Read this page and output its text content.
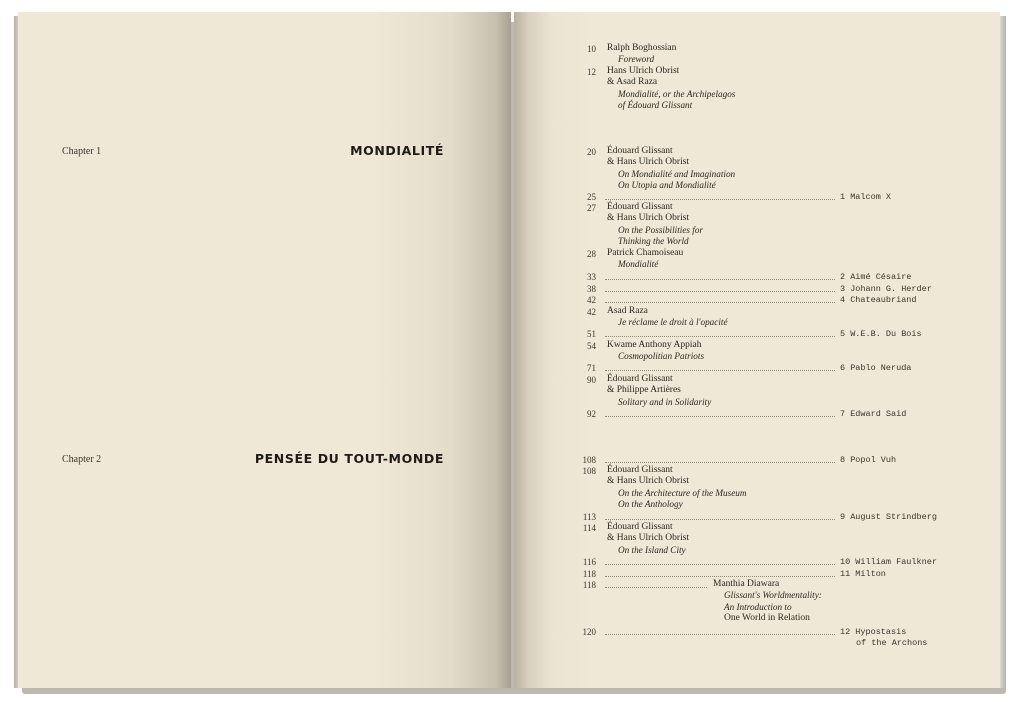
Chapter 1	MONDIALITÉ
Chapter 2	PENSÉE DU TOUT-MONDE
10 Ralph Boghossian
Foreword
12 Hans Ulrich Obrist
& Asad Raza
Mondialité, or the Archipelagos
of Édouard Glissant
20 Édouard Glissant
& Hans Ulrich Obrist
On Mondialité and Imagination
On Utopia and Mondialité
25	1 Malcom X
27 Édouard Glissant
& Hans Ulrich Obrist
On the Possibilities for
Thinking the World
28 Patrick Chamoiseau
Mondialité
33	2 Aimé Césaire
38	3 Johann G. Herder
42	4 Chateaubriand
42 Asad Raza
Je réclame le droit à l'opacité
51	5 W.E.B. Du Bois
54 Kwame Anthony Appiah
Cosmopolitian Patriots
71	6 Pablo Neruda
90 Édouard Glissant
& Philippe Artières
Solitary and in Solidarity
92	7 Edward Said
108	8 Popol Vuh
108 Édouard Glissant
& Hans Ulrich Obrist
On the Architecture of the Museum
On the Anthology
113	9 August Strindberg
114 Édouard Glissant
& Hans Ulrich Obrist
On the Island City
116	10 William Faulkner
118	11 Milton
118	Manthia Diawara
Glissant's Worldmentality:
An Introduction to
One World in Relation
120	12 Hypostasis
of the Archons
